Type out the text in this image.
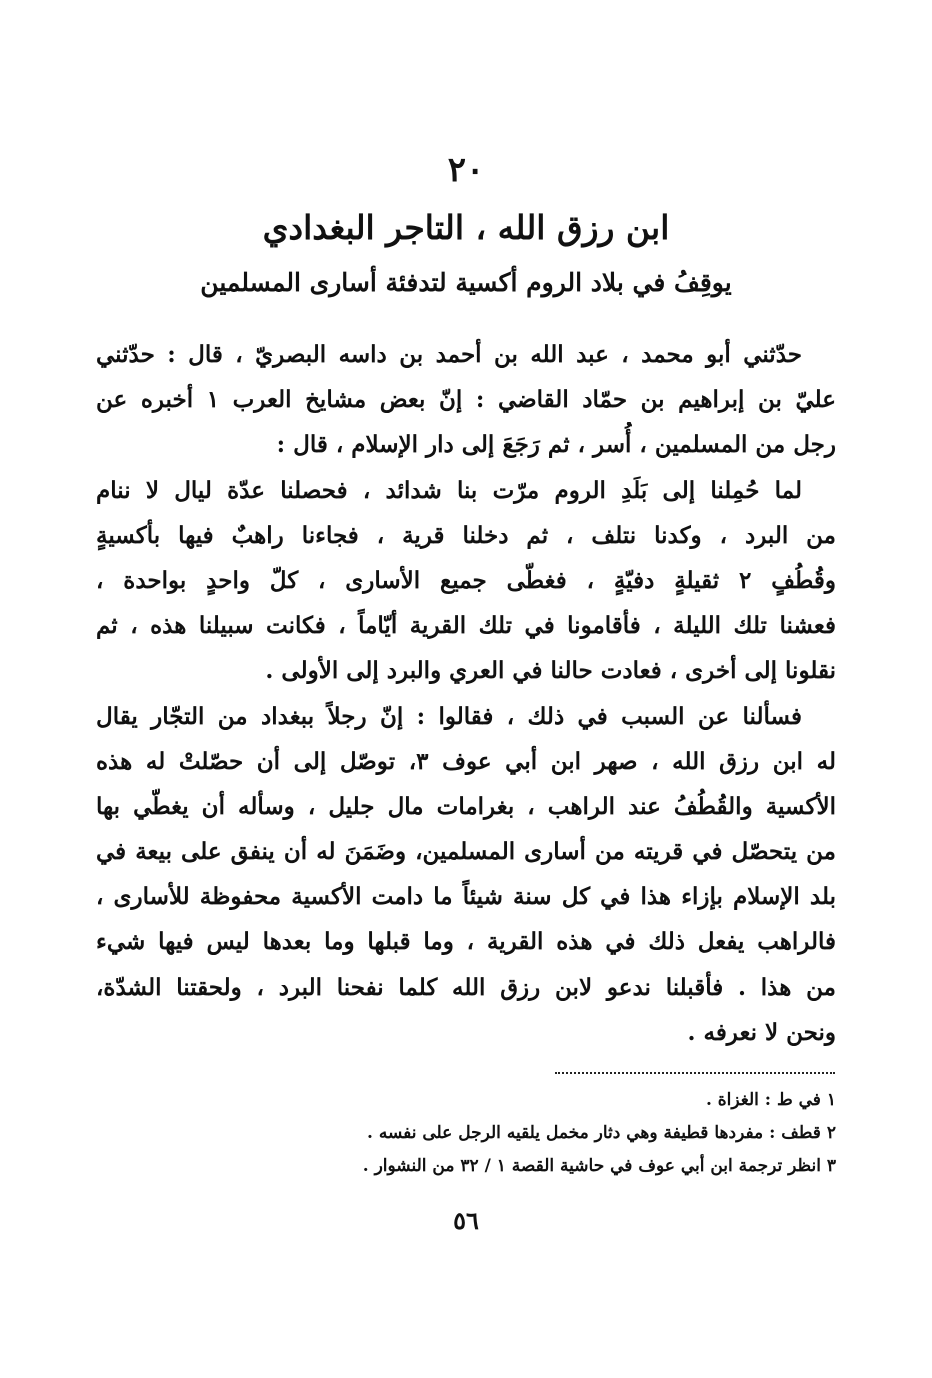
٢٠
ابن رزق الله ، التاجر البغدادي
يوقِفُ في بلاد الروم أكسية لتدفئة أسارى المسلمين
حدّثني أبو محمد ، عبد الله بن أحمد بن داسه البصريّ ، قال : حدّثني
عليّ بن إبراهيم بن حمّاد القاضي : إنّ بعض مشايخ العرب ١ أخبره عن
رجل من المسلمين ، أُسر ، ثم رَجَعَ إلى دار الإسلام ، قال :
لما حُمِلنا إلى بَلَدِ الروم مرّت بنا شدائد ، فحصلنا عدّة ليال لا ننام
من البرد ، وكدنا نتلف ، ثم دخلنا قرية ، فجاءنا راهبٌ فيها بأكسيةٍ
وقُطُفٍ ٢ ثقيلةٍ دفيّةٍ ، فغطّى جميع الأسارى ، كلّ واحدٍ بواحدة ،
فعشنا تلك الليلة ، فأقامونا في تلك القرية أيّاماً ، فكانت سبيلنا هذه ، ثم
نقلونا إلى أخرى ، فعادت حالنا في العري والبرد إلى الأولى .
فسألنا عن السبب في ذلك ، فقالوا : إنّ رجلاً ببغداد من التجّار يقال
له ابن رزق الله ، صهر ابن أبي عوف ٣، توصّل إلى أن حصّلتْ له هذه
الأكسية والقُطُفُ عند الراهب ، بغرامات مال جليل ، وسأله أن يغطّي بها
من يتحصّل في قريته من أسارى المسلمين، وضَمَنَ له أن ينفق على بيعة في
بلد الإسلام بإزاء هذا في كل سنة شيئاً ما دامت الأكسية محفوظة للأسارى ،
فالراهب يفعل ذلك في هذه القرية ، وما قبلها وما بعدها ليس فيها شيء
من هذا . فأقبلنا ندعو لابن رزق الله كلما نفحنا البرد ، ولحقتنا الشدّة،
ونحن لا نعرفه .
١ في ط : الغزاة .
٢ قطف : مفردها قطيفة وهي دثار مخمل يلقيه الرجل على نفسه .
٣ انظر ترجمة ابن أبي عوف في حاشية القصة ١ / ٣٢ من النشوار .
٥٦
